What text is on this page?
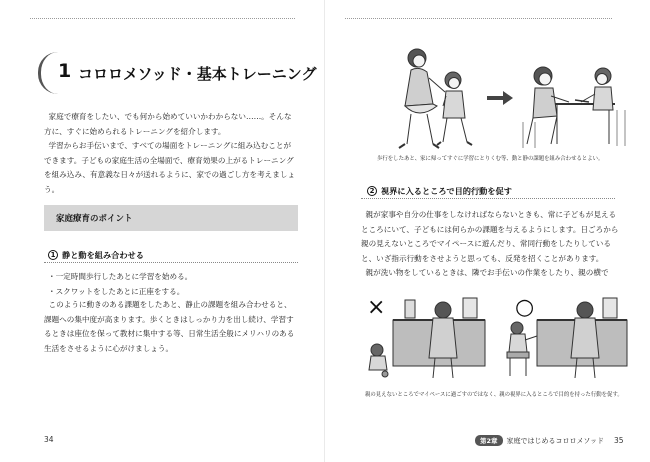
1 コロロメソッド・基本トレーニング

家庭で療育をしたい、でも何から始めていいかわからない……。そんな方に、すぐに始められるトレーニングを紹介します。

学習からお手伝いまで、すべての場面をトレーニングに組み込むことができます。子どもの家庭生活の全場面で、療育効果の上がるトレーニングを組み込み、有意義な日々が送れるように、家での過ごし方を考えましょう。

家庭療育のポイント
1 静と動を組み合わせる
・一定時間歩行したあとに学習を始める。
・スクワットをしたあとに正座をする。

このように動きのある課題をしたあと、静止の課題を組み合わせると、課題への集中度が高まります。歩くときはしっかり力を出し続け、学習するときは座位を保って教材に集中する等、日常生活全般にメリハリのある生活をさせるように心がけましょう。

34
歩行をしたあと、家に帰ってすぐに学習にとりくむ等、動と静の課題を組み合わせるとよい。
2 視界に入るところで目的行動を促す

親が家事や自分の仕事をしなければならないときも、常に子どもが見えるところにいて、子どもには何らかの課題を与えるようにします。日ごろから親の見えないところでマイペースに遊んだり、常同行動をしたりしていると、いざ指示行動をさせようと思っても、反発を招くことがあります。

親が洗い物をしているときは、隣でお手伝いの作業をしたり、親の横で

×	○
親の見えないところでマイペースに過ごすのではなく、親の視界に入るところで目的を持った行動を促す。
第2章 家庭ではじめるコロロメソッド 35
